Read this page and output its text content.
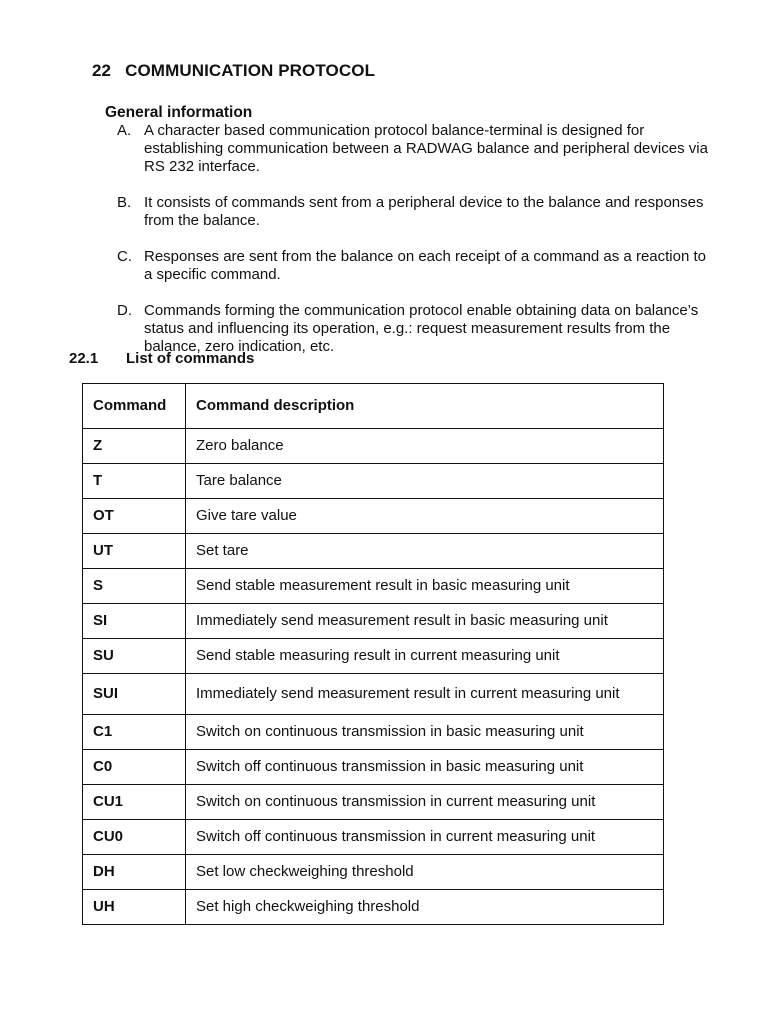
22 COMMUNICATION PROTOCOL
General information
A. A character based communication protocol balance-terminal is designed for establishing communication between a RADWAG balance and peripheral devices via RS 232 interface.
B. It consists of commands sent from a peripheral device to the balance and responses from the balance.
C. Responses are sent from the balance on each receipt of a command as a reaction to a specific command.
D. Commands forming the communication protocol enable obtaining data on balance’s status and influencing its operation, e.g.: request measurement results from the balance, zero indication, etc.
22.1 List of commands
Command	Command description
Z	Zero balance
T	Tare balance
OT	Give tare value
UT	Set tare
S	Send stable measurement result in basic measuring unit
SI	Immediately send measurement result in basic measuring unit
SU	Send stable measuring result in current measuring unit
SUI	Immediately send measurement result in current measuring unit
C1	Switch on continuous transmission in basic measuring unit
C0	Switch off continuous transmission in basic measuring unit
CU1	Switch on continuous transmission in current measuring unit
CU0	Switch off continuous transmission in current measuring unit
DH	Set low checkweighing threshold
UH	Set high checkweighing threshold
